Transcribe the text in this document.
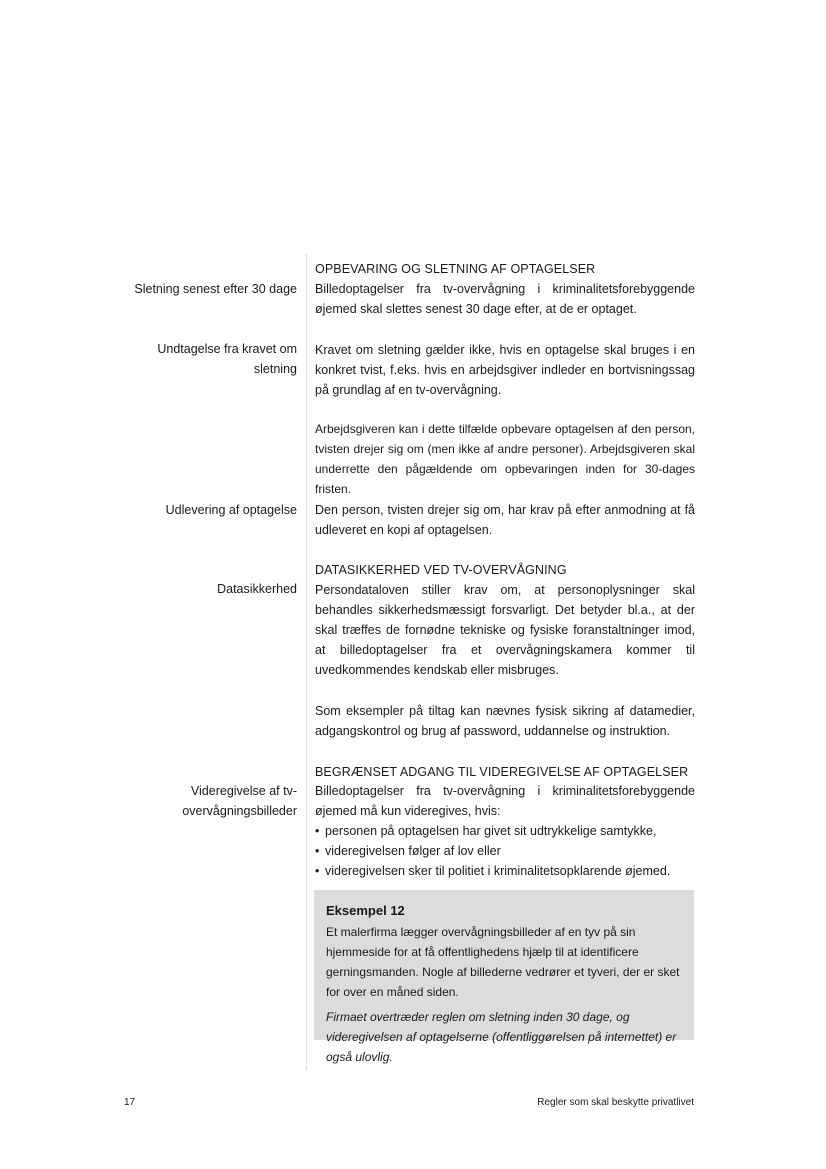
OPBEVARING OG SLETNING AF OPTAGELSER
Sletning senest efter 30 dage Billedoptagelser fra tv-overvågning i kriminalitetsforebyggende øjemed skal slettes senest 30 dage efter, at de er optaget.
Undtagelse fra kravet om sletning
Kravet om sletning gælder ikke, hvis en optagelse skal bruges i en konkret tvist, f.eks. hvis en arbejdsgiver indleder en bortvisningssag på grundlag af en tv-overvågning.
Arbejdsgiveren kan i dette tilfælde opbevare optagelsen af den person, tvisten drejer sig om (men ikke af andre personer). Arbejdsgiveren skal underrette den pågældende om opbevaringen inden for 30-dages fristen.
Udlevering af optagelse Den person, tvisten drejer sig om, har krav på efter anmodning at få udleveret en kopi af optagelsen.
DATASIKKERHED VED TV-OVERVÅGNING
Datasikkerhed Persondataloven stiller krav om, at personoplysninger skal behandles sikkerhedsmæssigt forsvarligt. Det betyder bl.a., at der skal træffes de fornødne tekniske og fysiske foranstaltninger imod, at billedoptagelser fra et overvågningskamera kommer til uvedkommendes kendskab eller misbruges.
Som eksempler på tiltag kan nævnes fysisk sikring af datamedier, adgangskontrol og brug af password, uddannelse og instruktion.
BEGRÆNSET ADGANG TIL VIDEREGIVELSE AF OPTAGELSER
Videregivelse af tv-overvågningsbilleder
Billedoptagelser fra tv-overvågning i kriminalitetsforebyggende øjemed må kun videregives, hvis:
• personen på optagelsen har givet sit udtrykkelige samtykke,
• videregivelsen følger af lov eller
• videregivelsen sker til politiet i kriminalitetsopklarende øjemed.
Eksempel 12
Et malerfirma lægger overvågningsbilleder af en tyv på sin hjemmeside for at få offentlighedens hjælp til at identificere gerningsmanden. Nogle af billederne vedrører et tyveri, der er sket for over en måned siden.
Firmaet overtræder reglen om sletning inden 30 dage, og videregivelsen af optagelserne (offentliggørelsen på internettet) er også ulovlig.
17	Regler som skal beskytte privatlivet
